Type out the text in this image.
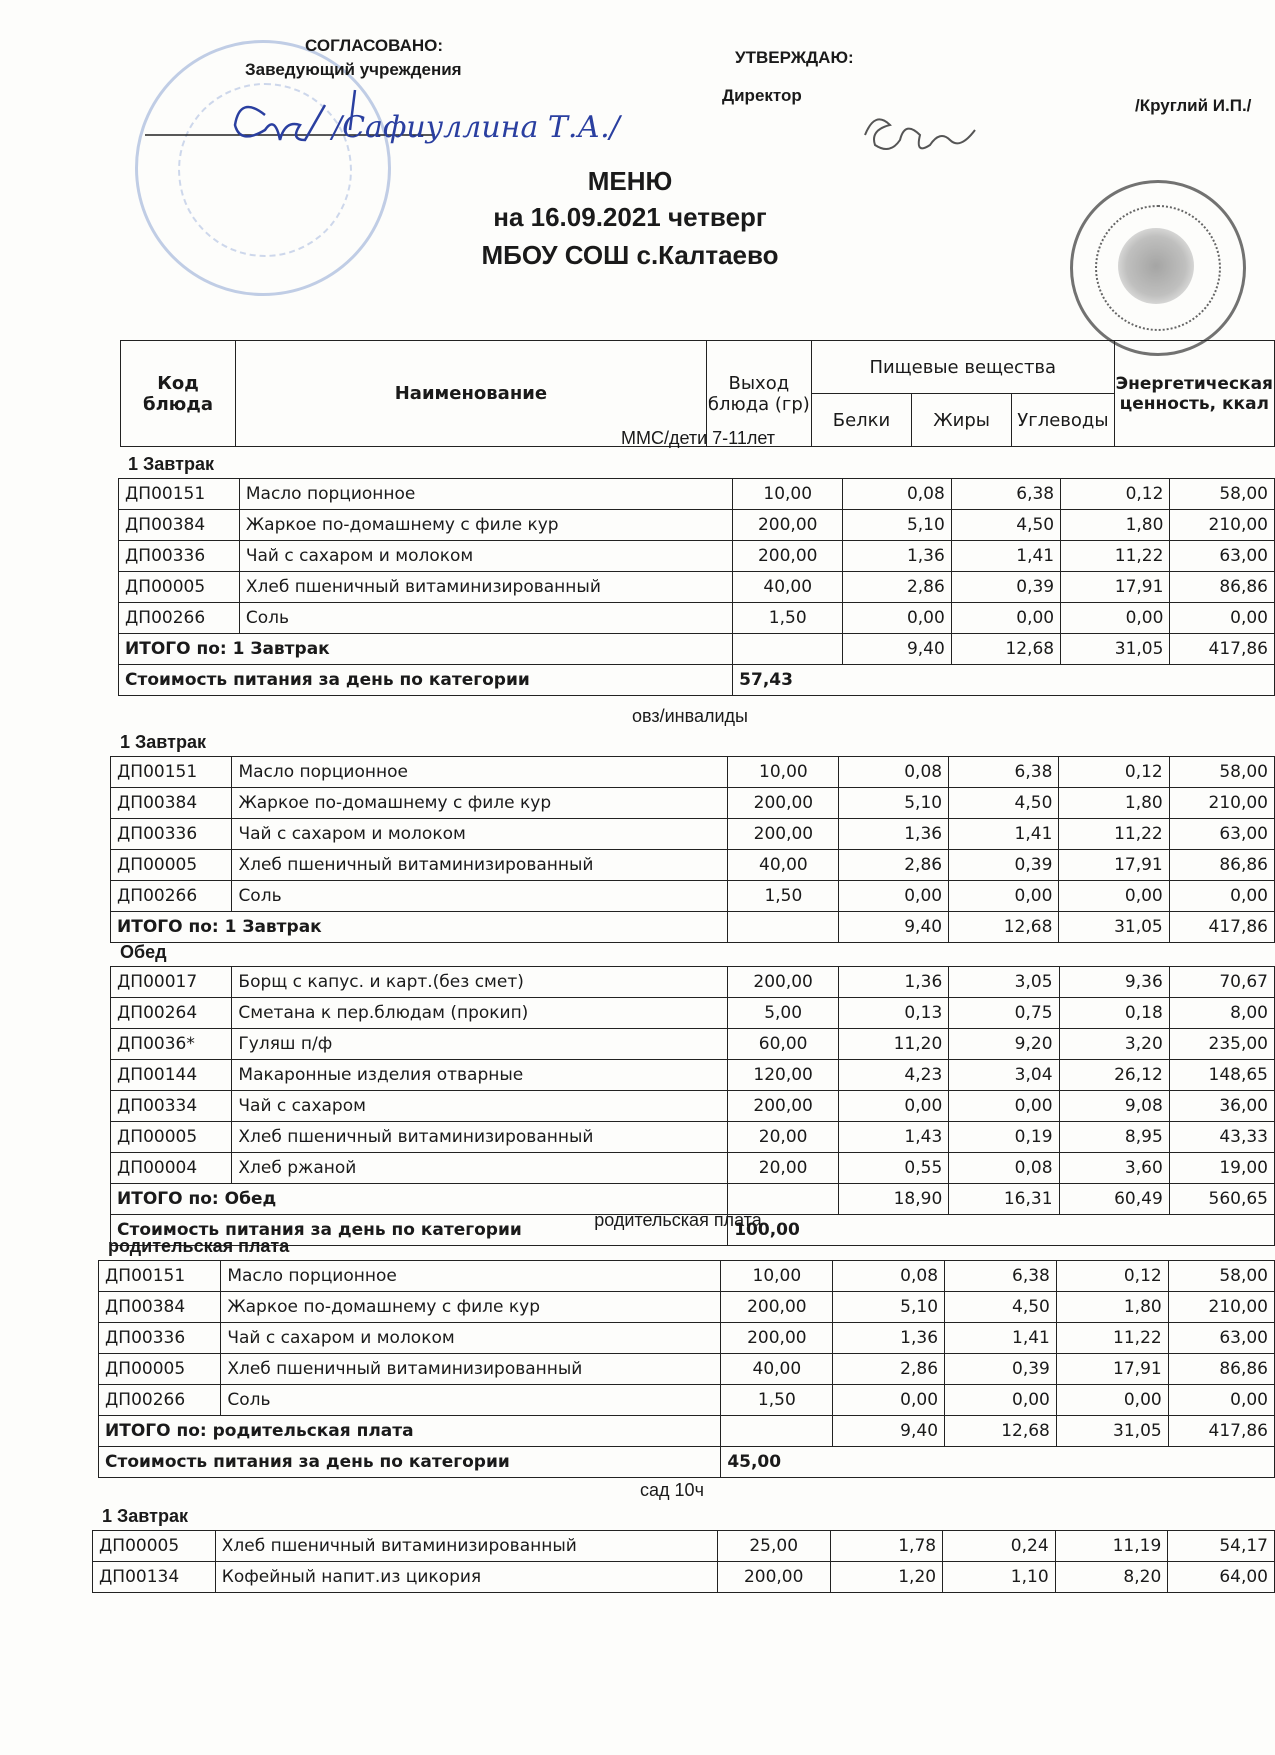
СОГЛАСОВАНО:
Заведующий учреждения
/Сафиуллина Т.А./
УТВЕРЖДАЮ:
Директор
/Круглий И.П./
МЕНЮ
на 16.09.2021 четверг
МБОУ СОШ с.Калтаево
Код блюда	Наименование	Выход блюда (гр)	Пищевые вещества			Энергетическая ценность, ккал
			Белки	Жиры	Углеводы	
ММС/дети 7-11лет
1 Завтрак
ДП00151	Масло порционное	10,00	0,08	6,38	0,12	58,00
ДП00384	Жаркое по-домашнему с филе кур	200,00	5,10	4,50	1,80	210,00
ДП00336	Чай с сахаром и молоком	200,00	1,36	1,41	11,22	63,00
ДП00005	Хлеб пшеничный витаминизированный	40,00	2,86	0,39	17,91	86,86
ДП00266	Соль	1,50	0,00	0,00	0,00	0,00
ИТОГО по: 1 Завтрак			9,40	12,68	31,05	417,86
Стоимость питания за день по категории		57,43				
овз/инвалиды
1 Завтрак
ДП00151	Масло порционное	10,00	0,08	6,38	0,12	58,00
ДП00384	Жаркое по-домашнему с филе кур	200,00	5,10	4,50	1,80	210,00
ДП00336	Чай с сахаром и молоком	200,00	1,36	1,41	11,22	63,00
ДП00005	Хлеб пшеничный витаминизированный	40,00	2,86	0,39	17,91	86,86
ДП00266	Соль	1,50	0,00	0,00	0,00	0,00
ИТОГО по: 1 Завтрак			9,40	12,68	31,05	417,86
Обед
ДП00017	Борщ с капус. и карт.(без смет)	200,00	1,36	3,05	9,36	70,67
ДП00264	Сметана к пер.блюдам (прокип)	5,00	0,13	0,75	0,18	8,00
ДП0036*	Гуляш п/ф	60,00	11,20	9,20	3,20	235,00
ДП00144	Макаронные изделия отварные	120,00	4,23	3,04	26,12	148,65
ДП00334	Чай с сахаром	200,00	0,00	0,00	9,08	36,00
ДП00005	Хлеб пшеничный витаминизированный	20,00	1,43	0,19	8,95	43,33
ДП00004	Хлеб ржаной	20,00	0,55	0,08	3,60	19,00
ИТОГО по: Обед			18,90	16,31	60,49	560,65
Стоимость питания за день по категории		100,00				
родительская плата
родительская плата
ДП00151	Масло порционное	10,00	0,08	6,38	0,12	58,00
ДП00384	Жаркое по-домашнему с филе кур	200,00	5,10	4,50	1,80	210,00
ДП00336	Чай с сахаром и молоком	200,00	1,36	1,41	11,22	63,00
ДП00005	Хлеб пшеничный витаминизированный	40,00	2,86	0,39	17,91	86,86
ДП00266	Соль	1,50	0,00	0,00	0,00	0,00
ИТОГО по: родительская плата			9,40	12,68	31,05	417,86
Стоимость питания за день по категории		45,00				
сад 10ч
1 Завтрак
ДП00005	Хлеб пшеничный витаминизированный	25,00	1,78	0,24	11,19	54,17
ДП00134	Кофейный напит.из цикория	200,00	1,20	1,10	8,20	64,00
